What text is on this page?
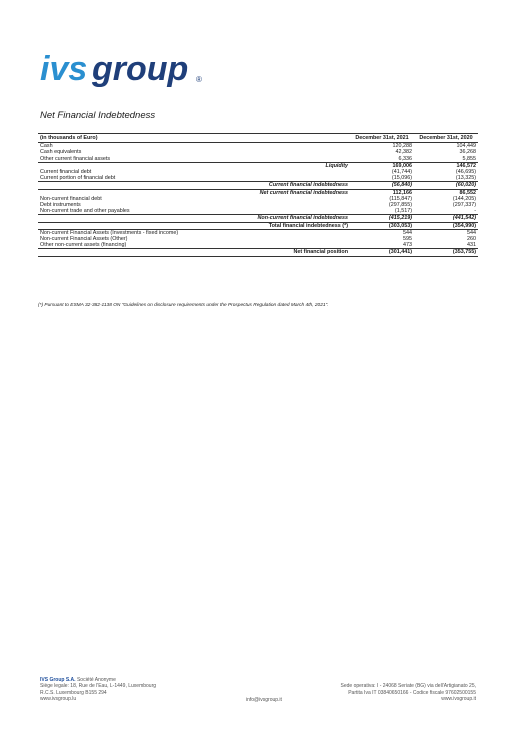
ivs group ®
Net Financial Indebtedness
(in thousands of Euro)	December 31st, 2021	December 31st, 2020
Cash	120,288	104,449
Cash equivalents	42,382	36,268
Other current financial assets	6,336	5,855
Liquidity	169,006	146,572
Current financial debt	(41,744)	(46,695)
Current portion of financial debt	(15,096)	(13,325)
Current financial indebtedness	(56,840)	(60,020)
Net current financial indebtedness	112,166	86,552
Non-current financial debt	(115,847)	(144,205)
Debt instruments	(297,855)	(297,337)
Non-current trade and other payables	(1,517)	-
Non-current financial indebtedness	(415,219)	(441,542)
Total financial indebtedness (*)	(303,053)	(354,990)
Non-current Financial Assets (Investments - fixed income)	544	544
Non-current Financial Assets (Other)	595	260
Other non-current assets (financing)	473	431
Net financial position	(301,441)	(353,755)

(*) Pursuant to ESMA 32-382-1138 ON "Guidelines on disclosure requirements under the Prospectus Regulation dated March 4th, 2021".

IVS Group S.A. Société Anonyme
Siège legale: 18, Rue de l'Eau, L-1449, Luxembourg
R.C.S. Luxembourg B155 294
www.ivsgroup.lu	info@ivsgroup.it
Sede operativa: I - 24068 Seriate (BG) via dell'Artigianato 25,
Partita Iva IT 03840650166 - Codice fiscale 97602500155
www.ivsgroup.it
